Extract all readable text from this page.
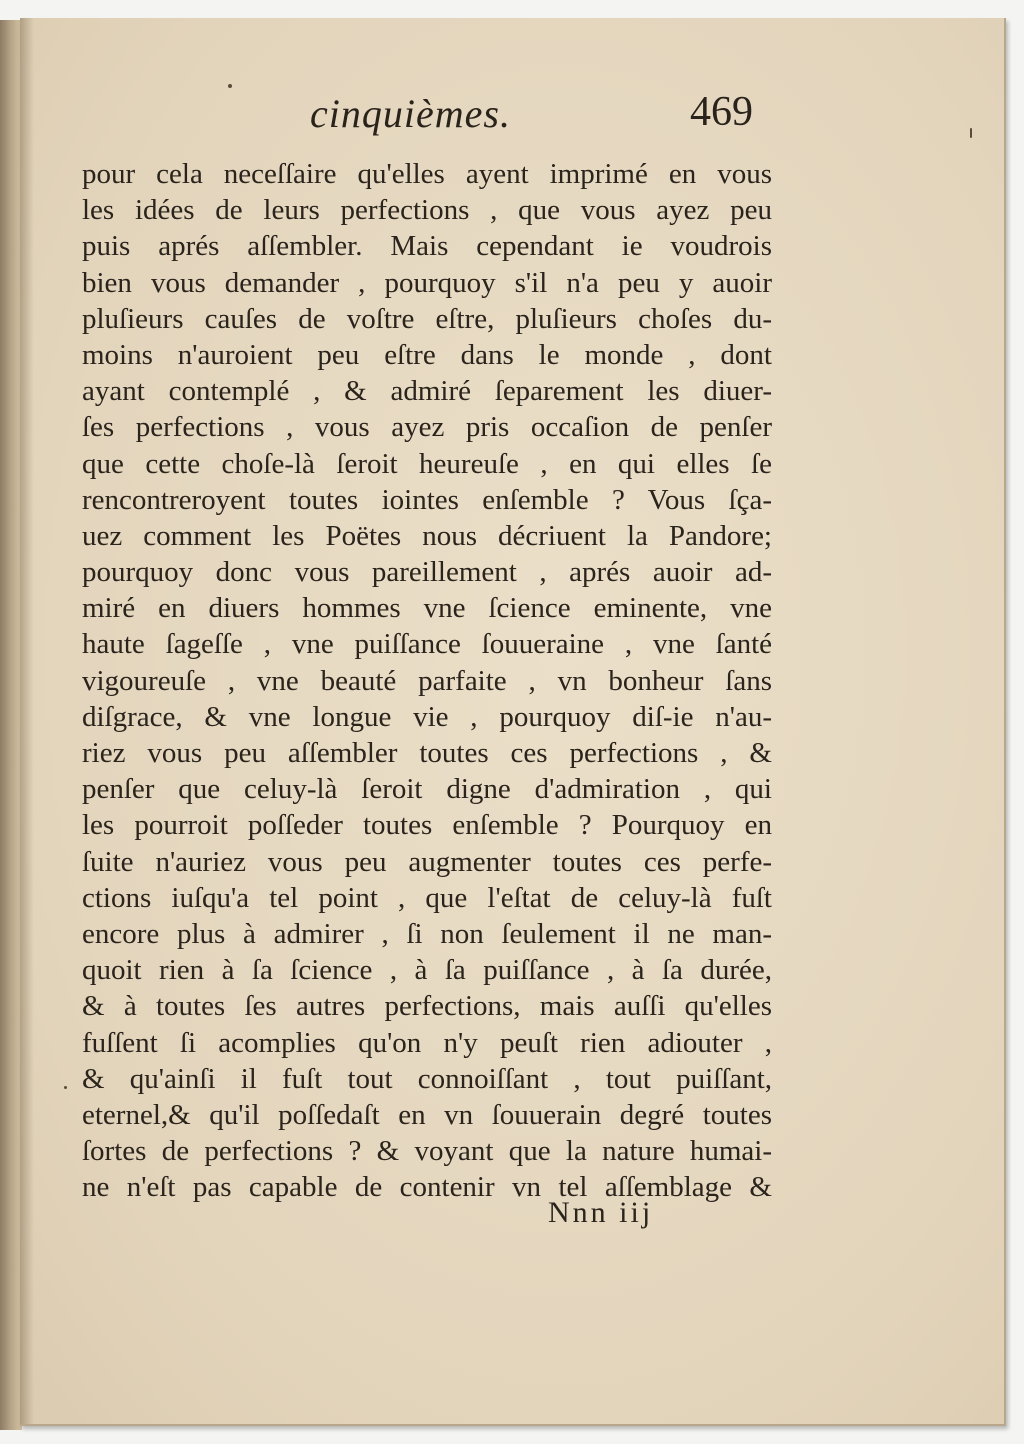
cinquièmes.	469
pour cela neceſſaire qu'elles ayent imprimé en vous
les idées de leurs perfections , que vous ayez peu
puis aprés aſſembler. Mais cependant ie voudrois
bien vous demander , pourquoy s'il n'a peu y auoir
pluſieurs cauſes de voſtre eſtre, pluſieurs choſes du-
moins n'auroient peu eſtre dans le monde , dont
ayant contemplé , & admiré ſeparement les diuer-
ſes perfections , vous ayez pris occaſion de penſer
que cette choſe-là ſeroit heureuſe , en qui elles ſe
rencontreroyent toutes iointes enſemble ? Vous ſça-
uez comment les Poëtes nous décriuent la Pandore;
pourquoy donc vous pareillement , aprés auoir ad-
miré en diuers hommes vne ſcience eminente, vne
haute ſageſſe , vne puiſſance ſouueraine , vne ſanté
vigoureuſe , vne beauté parfaite , vn bonheur ſans
diſgrace, & vne longue vie , pourquoy diſ-ie n'au-
riez vous peu aſſembler toutes ces perfections , &
penſer que celuy-là ſeroit digne d'admiration , qui
les pourroit poſſeder toutes enſemble ? Pourquoy en
ſuite n'auriez vous peu augmenter toutes ces perfe-
ctions iuſqu'a tel point , que l'eſtat de celuy-là fuſt
encore plus à admirer , ſi non ſeulement il ne man-
quoit rien à ſa ſcience , à ſa puiſſance , à ſa durée,
& à toutes ſes autres perfections, mais auſſi qu'elles
fuſſent ſi acomplies qu'on n'y peuſt rien adiouter ,
& qu'ainſi il fuſt tout connoiſſant , tout puiſſant,
eternel,& qu'il poſſedaſt en vn ſouuerain degré toutes
ſortes de perfections ? & voyant que la nature humai-
ne n'eſt pas capable de contenir vn tel aſſemblage &
Nnn iij
